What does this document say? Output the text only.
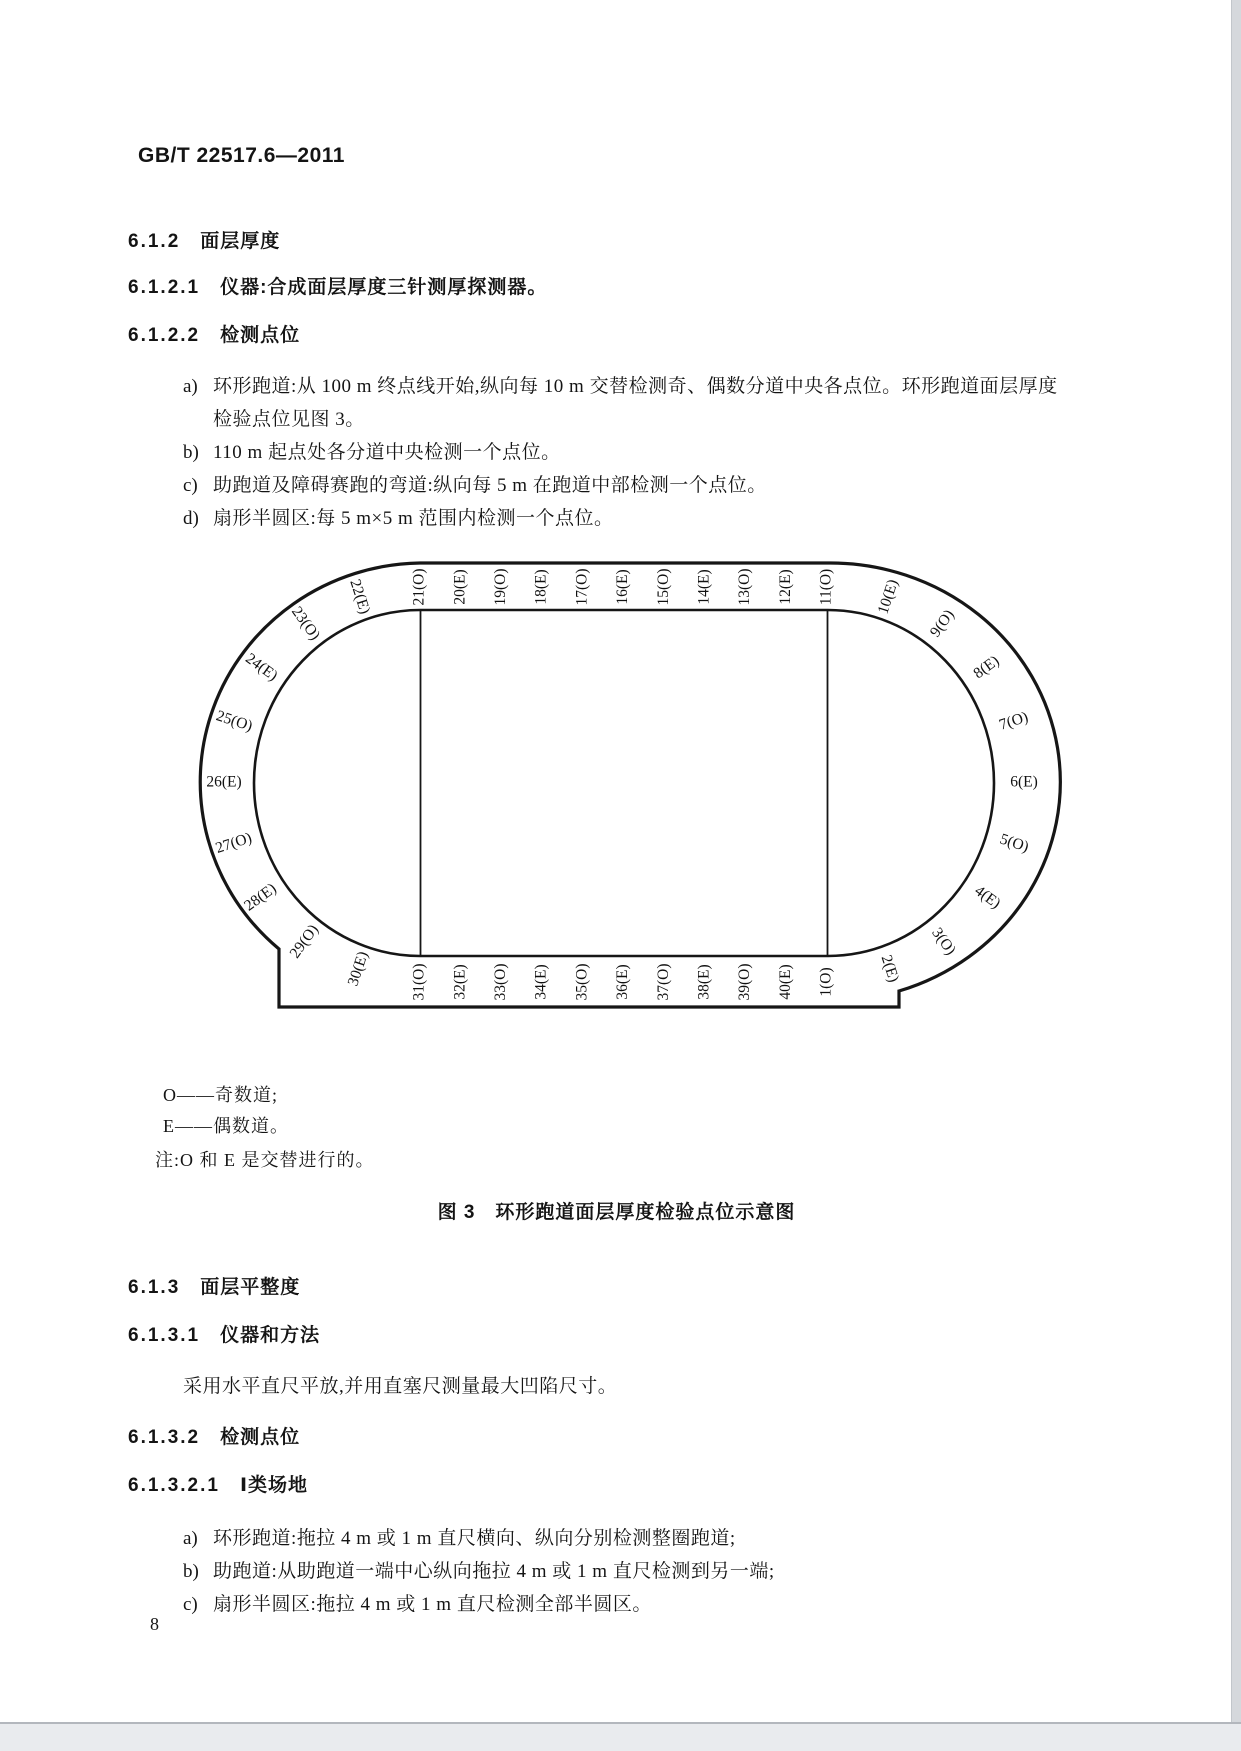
GB/T 22517.6—2011
6.1.2 面层厚度
6.1.2.1 仪器:合成面层厚度三针测厚探测器。
6.1.2.2 检测点位
a) 环形跑道:从 100 m 终点线开始,纵向每 10 m 交替检测奇、偶数分道中央各点位。环形跑道面层厚度检验点位见图 3。
b) 110 m 起点处各分道中央检测一个点位。
c) 助跑道及障碍赛跑的弯道:纵向每 5 m 在跑道中部检测一个点位。
d) 扇形半圆区:每 5 m×5 m 范围内检测一个点位。
21(O) 20(E) 19(O) 18(E) 17(O) 16(E) 15(O) 14(E) 13(O) 12(E) 11(O)	10(E)
9(O)
8(E)
7(O)
6(E)
5(O)
4(E)
3(O)
2(E)
1(O)
40(E)
39(O)
38(E)
37(O)
36(E)
35(O)
34(E)
33(O)
32(E)
31(O)
30(E)
29(O)
28(E)
27(O)
26(E)
25(O)
24(E)
23(O)
22(E)
O——奇数道;
E——偶数道。
注:O 和 E 是交替进行的。
图 3　环形跑道面层厚度检验点位示意图
6.1.3 面层平整度
6.1.3.1 仪器和方法
采用水平直尺平放,并用直塞尺测量最大凹陷尺寸。
6.1.3.2 检测点位
6.1.3.2.1 Ⅰ类场地
a) 环形跑道:拖拉 4 m 或 1 m 直尺横向、纵向分别检测整圈跑道;
b) 助跑道:从助跑道一端中心纵向拖拉 4 m 或 1 m 直尺检测到另一端;
c) 扇形半圆区:拖拉 4 m 或 1 m 直尺检测全部半圆区。
8
